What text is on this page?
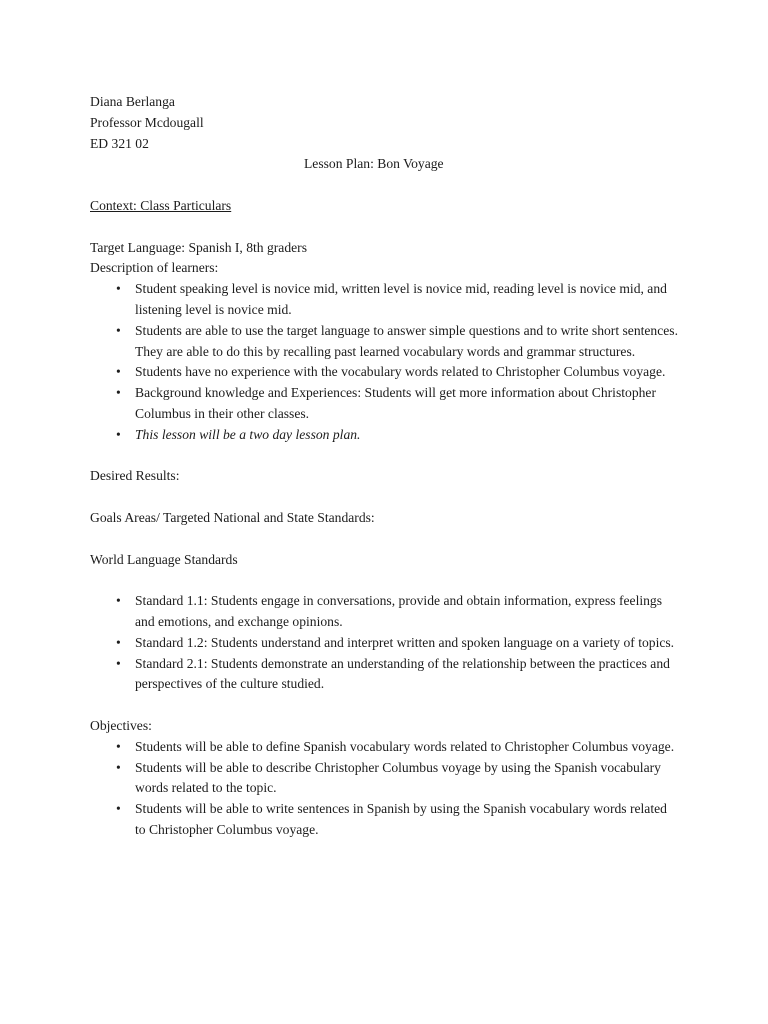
Diana Berlanga

Professor Mcdougall

ED 321 02

Lesson Plan: Bon Voyage

Context: Class Particulars

Target Language: Spanish I, 8th graders

Description of learners:

• Student speaking level is novice mid, written level is novice mid, reading level is novice mid, and listening level is novice mid.
• Students are able to use the target language to answer simple questions and to write short sentences. They are able to do this by recalling past learned vocabulary words and grammar structures.
• Students have no experience with the vocabulary words related to Christopher Columbus voyage.
• Background knowledge and Experiences: Students will get more information about Christopher Columbus in their other classes.
• This lesson will be a two day lesson plan.

Desired Results:

Goals Areas/ Targeted National and State Standards:

World Language Standards

• Standard 1.1: Students engage in conversations, provide and obtain information, express feelings and emotions, and exchange opinions.
• Standard 1.2: Students understand and interpret written and spoken language on a variety of topics.
• Standard 2.1: Students demonstrate an understanding of the relationship between the practices and perspectives of the culture studied.

Objectives:

• Students will be able to define Spanish vocabulary words related to Christopher Columbus voyage.
• Students will be able to describe Christopher Columbus voyage by using the Spanish vocabulary words related to the topic.
• Students will be able to write sentences in Spanish by using the Spanish vocabulary words related to Christopher Columbus voyage.
